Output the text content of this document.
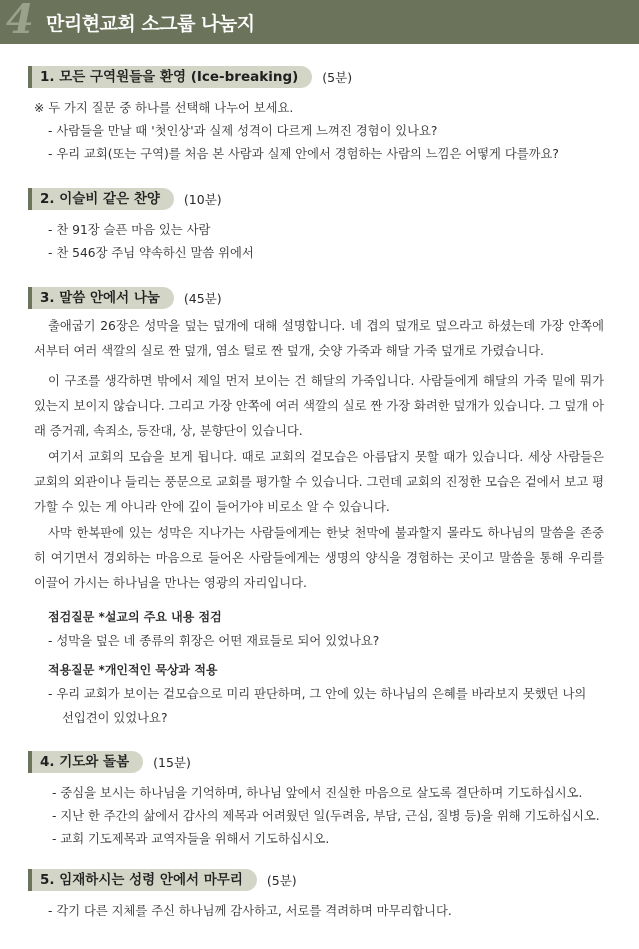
4 만리현교회 소그룹 나눔지
1. 모든 구역원들을 환영 (Ice-breaking)	(5분)
※ 두 가지 질문 중 하나를 선택해 나누어 보세요.
- 사람들을 만날 때 '첫인상'과 실제 성격이 다르게 느껴진 경험이 있나요?
- 우리 교회(또는 구역)를 처음 본 사람과 실제 안에서 경험하는 사람의 느낌은 어떻게 다를까요?
2. 이슬비 같은 찬양	(10분)
- 찬 91장 슬픈 마음 있는 사람
- 찬 546장 주님 약속하신 말씀 위에서
3. 말씀 안에서 나눔	(45분)
출애굽기 26장은 성막을 덮는 덮개에 대해 설명합니다. 네 겹의 덮개로 덮으라고 하셨는데 가장 안쪽에서부터 여러 색깔의 실로 짠 덮개, 염소 털로 짠 덮개, 숫양 가죽과 해달 가죽 덮개로 가렸습니다.
이 구조를 생각하면 밖에서 제일 먼저 보이는 건 해달의 가죽입니다. 사람들에게 해달의 가죽 밑에 뭐가 있는지 보이지 않습니다. 그리고 가장 안쪽에 여러 색깔의 실로 짠 가장 화려한 덮개가 있습니다. 그 덮개 아래 증거궤, 속죄소, 등잔대, 상, 분향단이 있습니다.
여기서 교회의 모습을 보게 됩니다. 때로 교회의 겉모습은 아름답지 못할 때가 있습니다. 세상 사람들은 교회의 외관이나 들리는 풍문으로 교회를 평가할 수 있습니다. 그런데 교회의 진정한 모습은 겉에서 보고 평가할 수 있는 게 아니라 안에 깊이 들어가야 비로소 알 수 있습니다.
사막 한복판에 있는 성막은 지나가는 사람들에게는 한낮 천막에 불과할지 몰라도 하나님의 말씀을 존중히 여기면서 경외하는 마음으로 들어온 사람들에게는 생명의 양식을 경험하는 곳이고 말씀을 통해 우리를 이끌어 가시는 하나님을 만나는 영광의 자리입니다.
점검질문 *설교의 주요 내용 점검
- 성막을 덮은 네 종류의 휘장은 어떤 재료들로 되어 있었나요?
적용질문 *개인적인 묵상과 적용
- 우리 교회가 보이는 겉모습으로 미리 판단하며, 그 안에 있는 하나님의 은혜를 바라보지 못했던 나의
선입견이 있었나요?
4. 기도와 돌봄	(15분)
- 중심을 보시는 하나님을 기억하며, 하나님 앞에서 진실한 마음으로 살도록 결단하며 기도하십시오.
- 지난 한 주간의 삶에서 감사의 제목과 어려웠던 일(두려움, 부담, 근심, 질병 등)을 위해 기도하십시오.
- 교회 기도제목과 교역자들을 위해서 기도하십시오.
5. 임재하시는 성령 안에서 마무리	(5분)
- 각기 다른 지체를 주신 하나님께 감사하고, 서로를 격려하며 마무리합니다.
